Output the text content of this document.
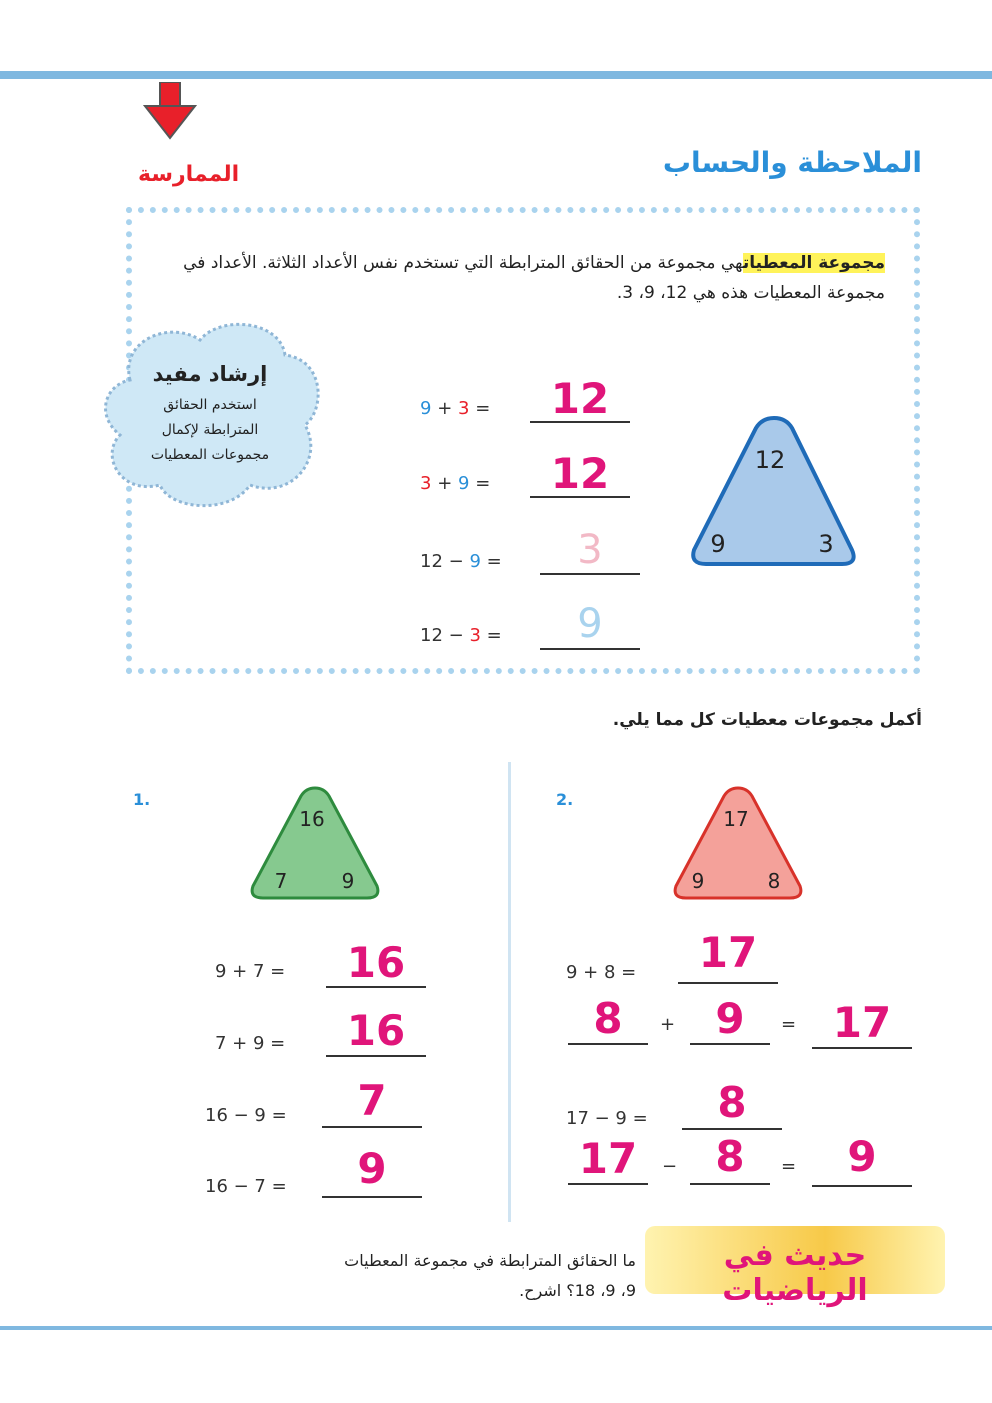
الممارسة	الملاحظة والحساب
مجموعة المعطياتهي مجموعة من الحقائق المترابطة التي تستخدم نفس الأعداد الثلاثة. الأعداد في مجموعة المعطيات هذه هي 12، 9، 3.
إرشاد مفيد
استخدم الحقائق
المترابطة لإكمال
مجموعات المعطيات
9 + 3 =	12
3 + 9 =	12
12 − 9 =	3
12 − 3 =	9
12
9	3
أكمل مجموعات معطيات كل مما يلي.
1.
16
7	9
9 + 7 =	16
7 + 9 =	16
16 − 9 =	7
16 − 7 =	9
2.
17
9	8
9 + 8 =	17
8	+ 9	= 17
17 − 9 =	8
17	− 8	=	9
حديث في الرياضيات
ما الحقائق المترابطة في مجموعة المعطيات
9، 9، 18؟ اشرح.
